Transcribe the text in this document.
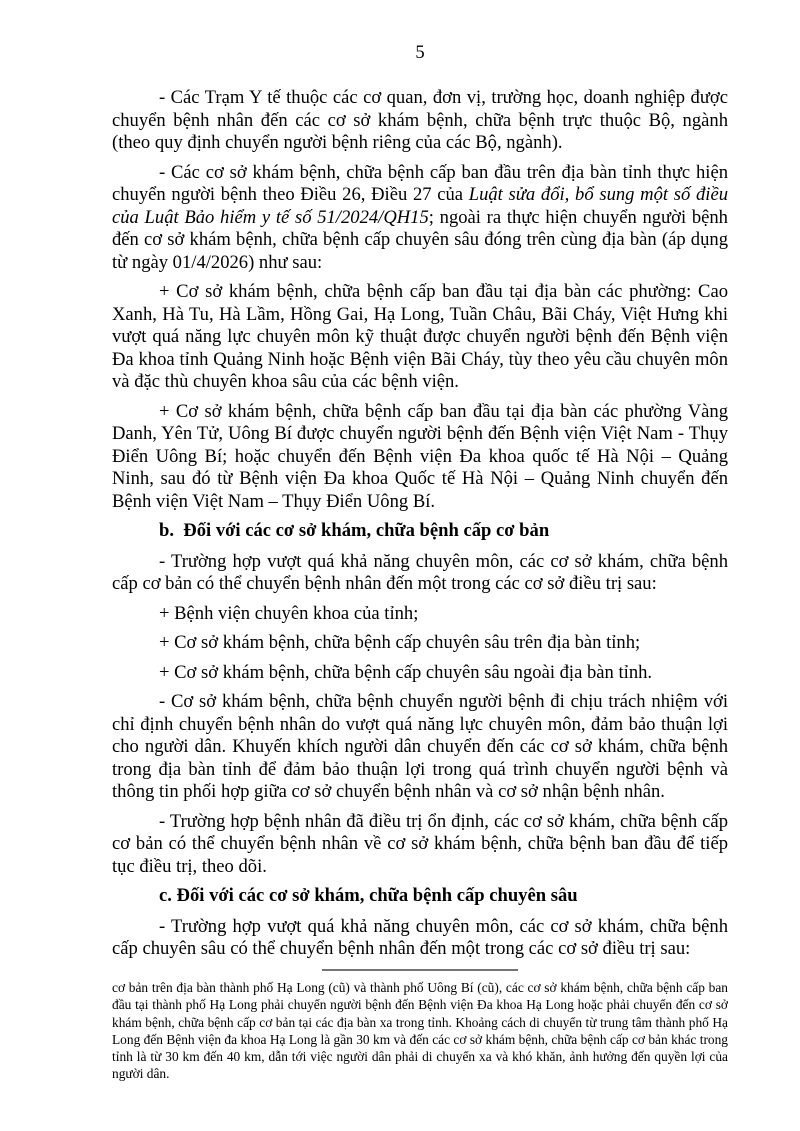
5

- Các Trạm Y tế thuộc các cơ quan, đơn vị, trường học, doanh nghiệp được chuyển bệnh nhân đến các cơ sở khám bệnh, chữa bệnh trực thuộc Bộ, ngành (theo quy định chuyển người bệnh riêng của các Bộ, ngành).

- Các cơ sở khám bệnh, chữa bệnh cấp ban đầu trên địa bàn tỉnh thực hiện chuyển người bệnh theo Điều 26, Điều 27 của Luật sửa đổi, bổ sung một số điều của Luật Bảo hiểm y tế số 51/2024/QH15; ngoài ra thực hiện chuyển người bệnh đến cơ sở khám bệnh, chữa bệnh cấp chuyên sâu đóng trên cùng địa bàn (áp dụng từ ngày 01/4/2026) như sau:

+ Cơ sở khám bệnh, chữa bệnh cấp ban đầu tại địa bàn các phường: Cao Xanh, Hà Tu, Hà Lầm, Hồng Gai, Hạ Long, Tuần Châu, Bãi Cháy, Việt Hưng khi vượt quá năng lực chuyên môn kỹ thuật được chuyển người bệnh đến Bệnh viện Đa khoa tỉnh Quảng Ninh hoặc Bệnh viện Bãi Cháy, tùy theo yêu cầu chuyên môn và đặc thù chuyên khoa sâu của các bệnh viện.

+ Cơ sở khám bệnh, chữa bệnh cấp ban đầu tại địa bàn các phường Vàng Danh, Yên Tử, Uông Bí được chuyển người bệnh đến Bệnh viện Việt Nam - Thụy Điển Uông Bí; hoặc chuyển đến Bệnh viện Đa khoa quốc tế Hà Nội – Quảng Ninh, sau đó từ Bệnh viện Đa khoa Quốc tế Hà Nội – Quảng Ninh chuyển đến Bệnh viện Việt Nam – Thụy Điển Uông Bí.

b.  Đối với các cơ sở khám, chữa bệnh cấp cơ bản

- Trường hợp vượt quá khả năng chuyên môn, các cơ sở khám, chữa bệnh cấp cơ bản có thể chuyển bệnh nhân đến một trong các cơ sở điều trị sau:

+ Bệnh viện chuyên khoa của tỉnh;

+ Cơ sở khám bệnh, chữa bệnh cấp chuyên sâu trên địa bàn tỉnh;

+ Cơ sở khám bệnh, chữa bệnh cấp chuyên sâu ngoài địa bàn tỉnh.

- Cơ sở khám bệnh, chữa bệnh chuyển người bệnh đi chịu trách nhiệm với chỉ định chuyển bệnh nhân do vượt quá năng lực chuyên môn, đảm bảo thuận lợi cho người dân. Khuyến khích người dân chuyển đến các cơ sở khám, chữa bệnh trong địa bàn tỉnh để đảm bảo thuận lợi trong quá trình chuyển người bệnh và thông tin phối hợp giữa cơ sở chuyển bệnh nhân và cơ sở nhận bệnh nhân.

- Trường hợp bệnh nhân đã điều trị ổn định, các cơ sở khám, chữa bệnh cấp cơ bản có thể chuyển bệnh nhân về cơ sở khám bệnh, chữa bệnh ban đầu để tiếp tục điều trị, theo dõi.

c. Đối với các cơ sở khám, chữa bệnh cấp chuyên sâu

- Trường hợp vượt quá khả năng chuyên môn, các cơ sở khám, chữa bệnh cấp chuyên sâu có thể chuyển bệnh nhân đến một trong các cơ sở điều trị sau:

cơ bản trên địa bàn thành phố Hạ Long (cũ) và thành phố Uông Bí (cũ), các cơ sở khám bệnh, chữa bệnh cấp ban đầu tại thành phố Hạ Long phải chuyển người bệnh đến Bệnh viện Đa khoa Hạ Long hoặc phải chuyển đến cơ sở khám bệnh, chữa bệnh cấp cơ bản tại các địa bàn xa trong tỉnh. Khoảng cách di chuyển từ trung tâm thành phố Hạ Long đến Bệnh viện đa khoa Hạ Long là gần 30 km và đến các cơ sở khám bệnh, chữa bệnh cấp cơ bản khác trong tỉnh là từ 30 km đến 40 km, dẫn tới việc người dân phải di chuyển xa và khó khăn, ảnh hưởng đến quyền lợi của người dân.
